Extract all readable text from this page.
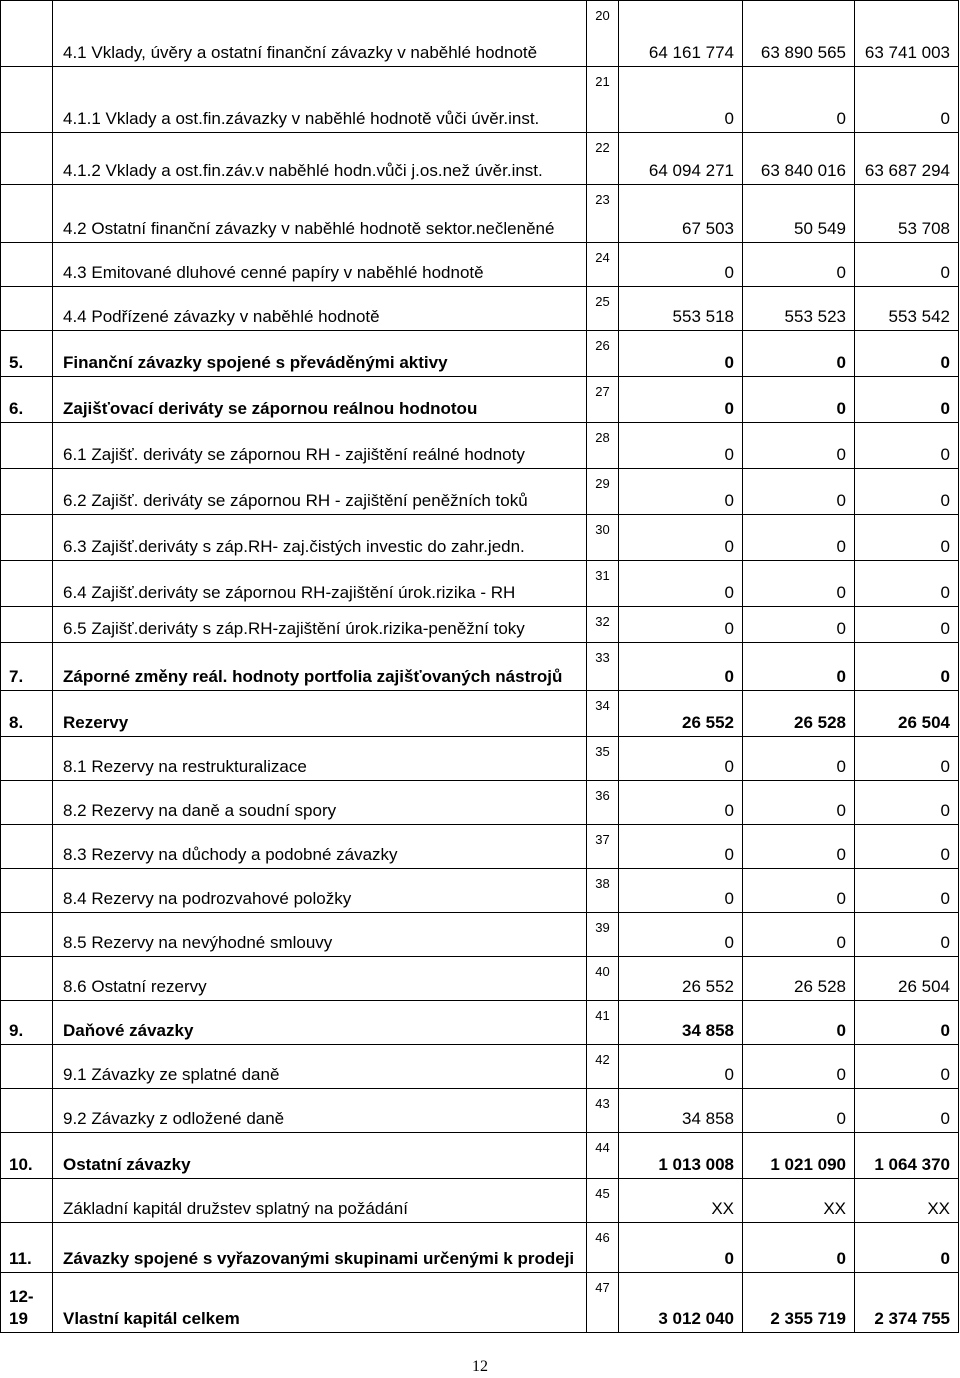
	4.1 Vklady, úvěry a ostatní finanční závazky v naběhlé hodnotě	20	64 161 774	63 890 565	63 741 003
	4.1.1 Vklady a ost.fin.závazky v naběhlé hodnotě vůči úvěr.inst.	21	0	0	0
	4.1.2 Vklady a ost.fin.záv.v naběhlé hodn.vůči j.os.než úvěr.inst.	22	64 094 271	63 840 016	63 687 294
	4.2 Ostatní finanční závazky v naběhlé hodnotě sektor.nečleněné	23	67 503	50 549	53 708
	4.3 Emitované dluhové cenné papíry v naběhlé hodnotě	24	0	0	0
	4.4 Podřízené závazky v naběhlé hodnotě	25	553 518	553 523	553 542
5.	Finanční závazky spojené s převáděnými aktivy	26	0	0	0
6.	Zajišťovací deriváty se zápornou reálnou hodnotou	27	0	0	0
	6.1 Zajišť. deriváty se zápornou RH - zajištění reálné hodnoty	28	0	0	0
	6.2 Zajišť. deriváty se zápornou RH - zajištění peněžních toků	29	0	0	0
	6.3 Zajišť.deriváty s záp.RH- zaj.čistých investic do zahr.jedn.	30	0	0	0
	6.4 Zajišť.deriváty se zápornou RH-zajištění úrok.rizika - RH	31	0	0	0
	6.5 Zajišť.deriváty s záp.RH-zajištění úrok.rizika-peněžní toky	32	0	0	0
7.	Záporné změny reál. hodnoty portfolia zajišťovaných nástrojů	33	0	0	0
8.	Rezervy	34	26 552	26 528	26 504
	8.1 Rezervy na restrukturalizace	35	0	0	0
	8.2 Rezervy na daně a soudní spory	36	0	0	0
	8.3 Rezervy na důchody a podobné závazky	37	0	0	0
	8.4 Rezervy na podrozvahové položky	38	0	0	0
	8.5 Rezervy na nevýhodné smlouvy	39	0	0	0
	8.6 Ostatní rezervy	40	26 552	26 528	26 504
9.	Daňové závazky	41	34 858	0	0
	9.1 Závazky ze splatné daně	42	0	0	0
	9.2 Závazky z odložené daně	43	34 858	0	0
10.	Ostatní závazky	44	1 013 008	1 021 090	1 064 370
	Základní kapitál družstev splatný na požádání	45	XX	XX	XX
11.	Závazky spojené s vyřazovanými skupinami určenými k prodeji	46	0	0	0
12-19	Vlastní kapitál celkem	47	3 012 040	2 355 719	2 374 755
12
